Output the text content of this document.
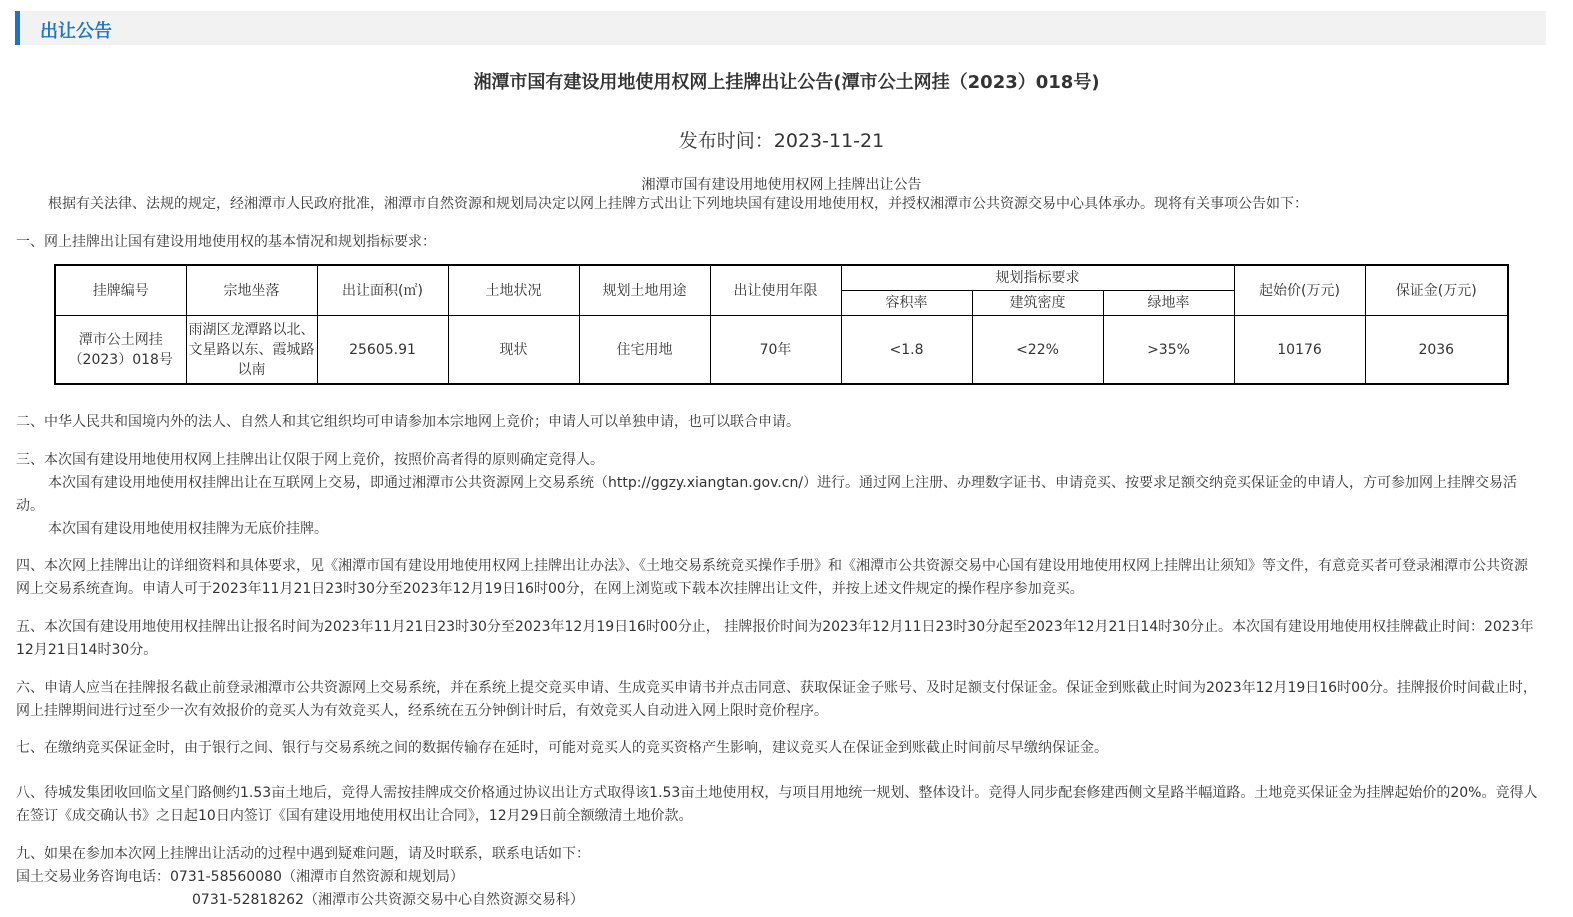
出让公告
湘潭市国有建设用地使用权网上挂牌出让公告(潭市公土网挂（2023）018号)
发布时间：2023-11-21
湘潭市国有建设用地使用权网上挂牌出让公告
根据有关法律、法规的规定，经湘潭市人民政府批准，湘潭市自然资源和规划局决定以网上挂牌方式出让下列地块国有建设用地使用权，并授权湘潭市公共资源交易中心具体承办。现将有关事项公告如下：
一、网上挂牌出让国有建设用地使用权的基本情况和规划指标要求：
挂牌编号	宗地坐落	出让面积(㎡)	土地状况	规划土地用途	出让使用年限	规划指标要求			起始价(万元)	保证金(万元)
						容积率	建筑密度	绿地率		
潭市公土网挂（2023）018号	雨湖区龙潭路以北、文星路以东、霞城路以南	25605.91	现状	住宅用地	70年	<1.8	<22%	>35%	10176	2036
二、中华人民共和国境内外的法人、自然人和其它组织均可申请参加本宗地网上竞价；申请人可以单独申请，也可以联合申请。
三、本次国有建设用地使用权网上挂牌出让仅限于网上竞价，按照价高者得的原则确定竞得人。
本次国有建设用地使用权挂牌出让在互联网上交易，即通过湘潭市公共资源网上交易系统（http://ggzy.xiangtan.gov.cn/）进行。通过网上注册、办理数字证书、申请竞买、按要求足额交纳竞买保证金的申请人，方可参加网上挂牌交易活动。
本次国有建设用地使用权挂牌为无底价挂牌。
四、本次网上挂牌出让的详细资料和具体要求，见《湘潭市国有建设用地使用权网上挂牌出让办法》、《土地交易系统竞买操作手册》和《湘潭市公共资源交易中心国有建设用地使用权网上挂牌出让须知》等文件，有意竞买者可登录湘潭市公共资源网上交易系统查询。申请人可于2023年11月21日23时30分至2023年12月19日16时00分，在网上浏览或下载本次挂牌出让文件，并按上述文件规定的操作程序参加竞买。
五、本次国有建设用地使用权挂牌出让报名时间为2023年11月21日23时30分至2023年12月19日16时00分止， 挂牌报价时间为2023年12月11日23时30分起至2023年12月21日14时30分止。本次国有建设用地使用权挂牌截止时间：2023年12月21日14时30分。
六、申请人应当在挂牌报名截止前登录湘潭市公共资源网上交易系统，并在系统上提交竞买申请、生成竞买申请书并点击同意、获取保证金子账号、及时足额支付保证金。保证金到账截止时间为2023年12月19日16时00分。挂牌报价时间截止时，网上挂牌期间进行过至少一次有效报价的竞买人为有效竞买人，经系统在五分钟倒计时后，有效竞买人自动进入网上限时竞价程序。
七、在缴纳竞买保证金时，由于银行之间、银行与交易系统之间的数据传输存在延时，可能对竞买人的竞买资格产生影响，建议竞买人在保证金到账截止时间前尽早缴纳保证金。
八、待城发集团收回临文星门路侧约1.53亩土地后，竞得人需按挂牌成交价格通过协议出让方式取得该1.53亩土地使用权，与项目用地统一规划、整体设计。竞得人同步配套修建西侧文星路半幅道路。土地竞买保证金为挂牌起始价的20%。竞得人在签订《成交确认书》之日起10日内签订《国有建设用地使用权出让合同》，12月29日前全额缴清土地价款。
九、如果在参加本次网上挂牌出让活动的过程中遇到疑难问题，请及时联系，联系电话如下：
国土交易业务咨询电话：0731-58560080（湘潭市自然资源和规划局）
0731-52818262（湘潭市公共资源交易中心自然资源交易科）
